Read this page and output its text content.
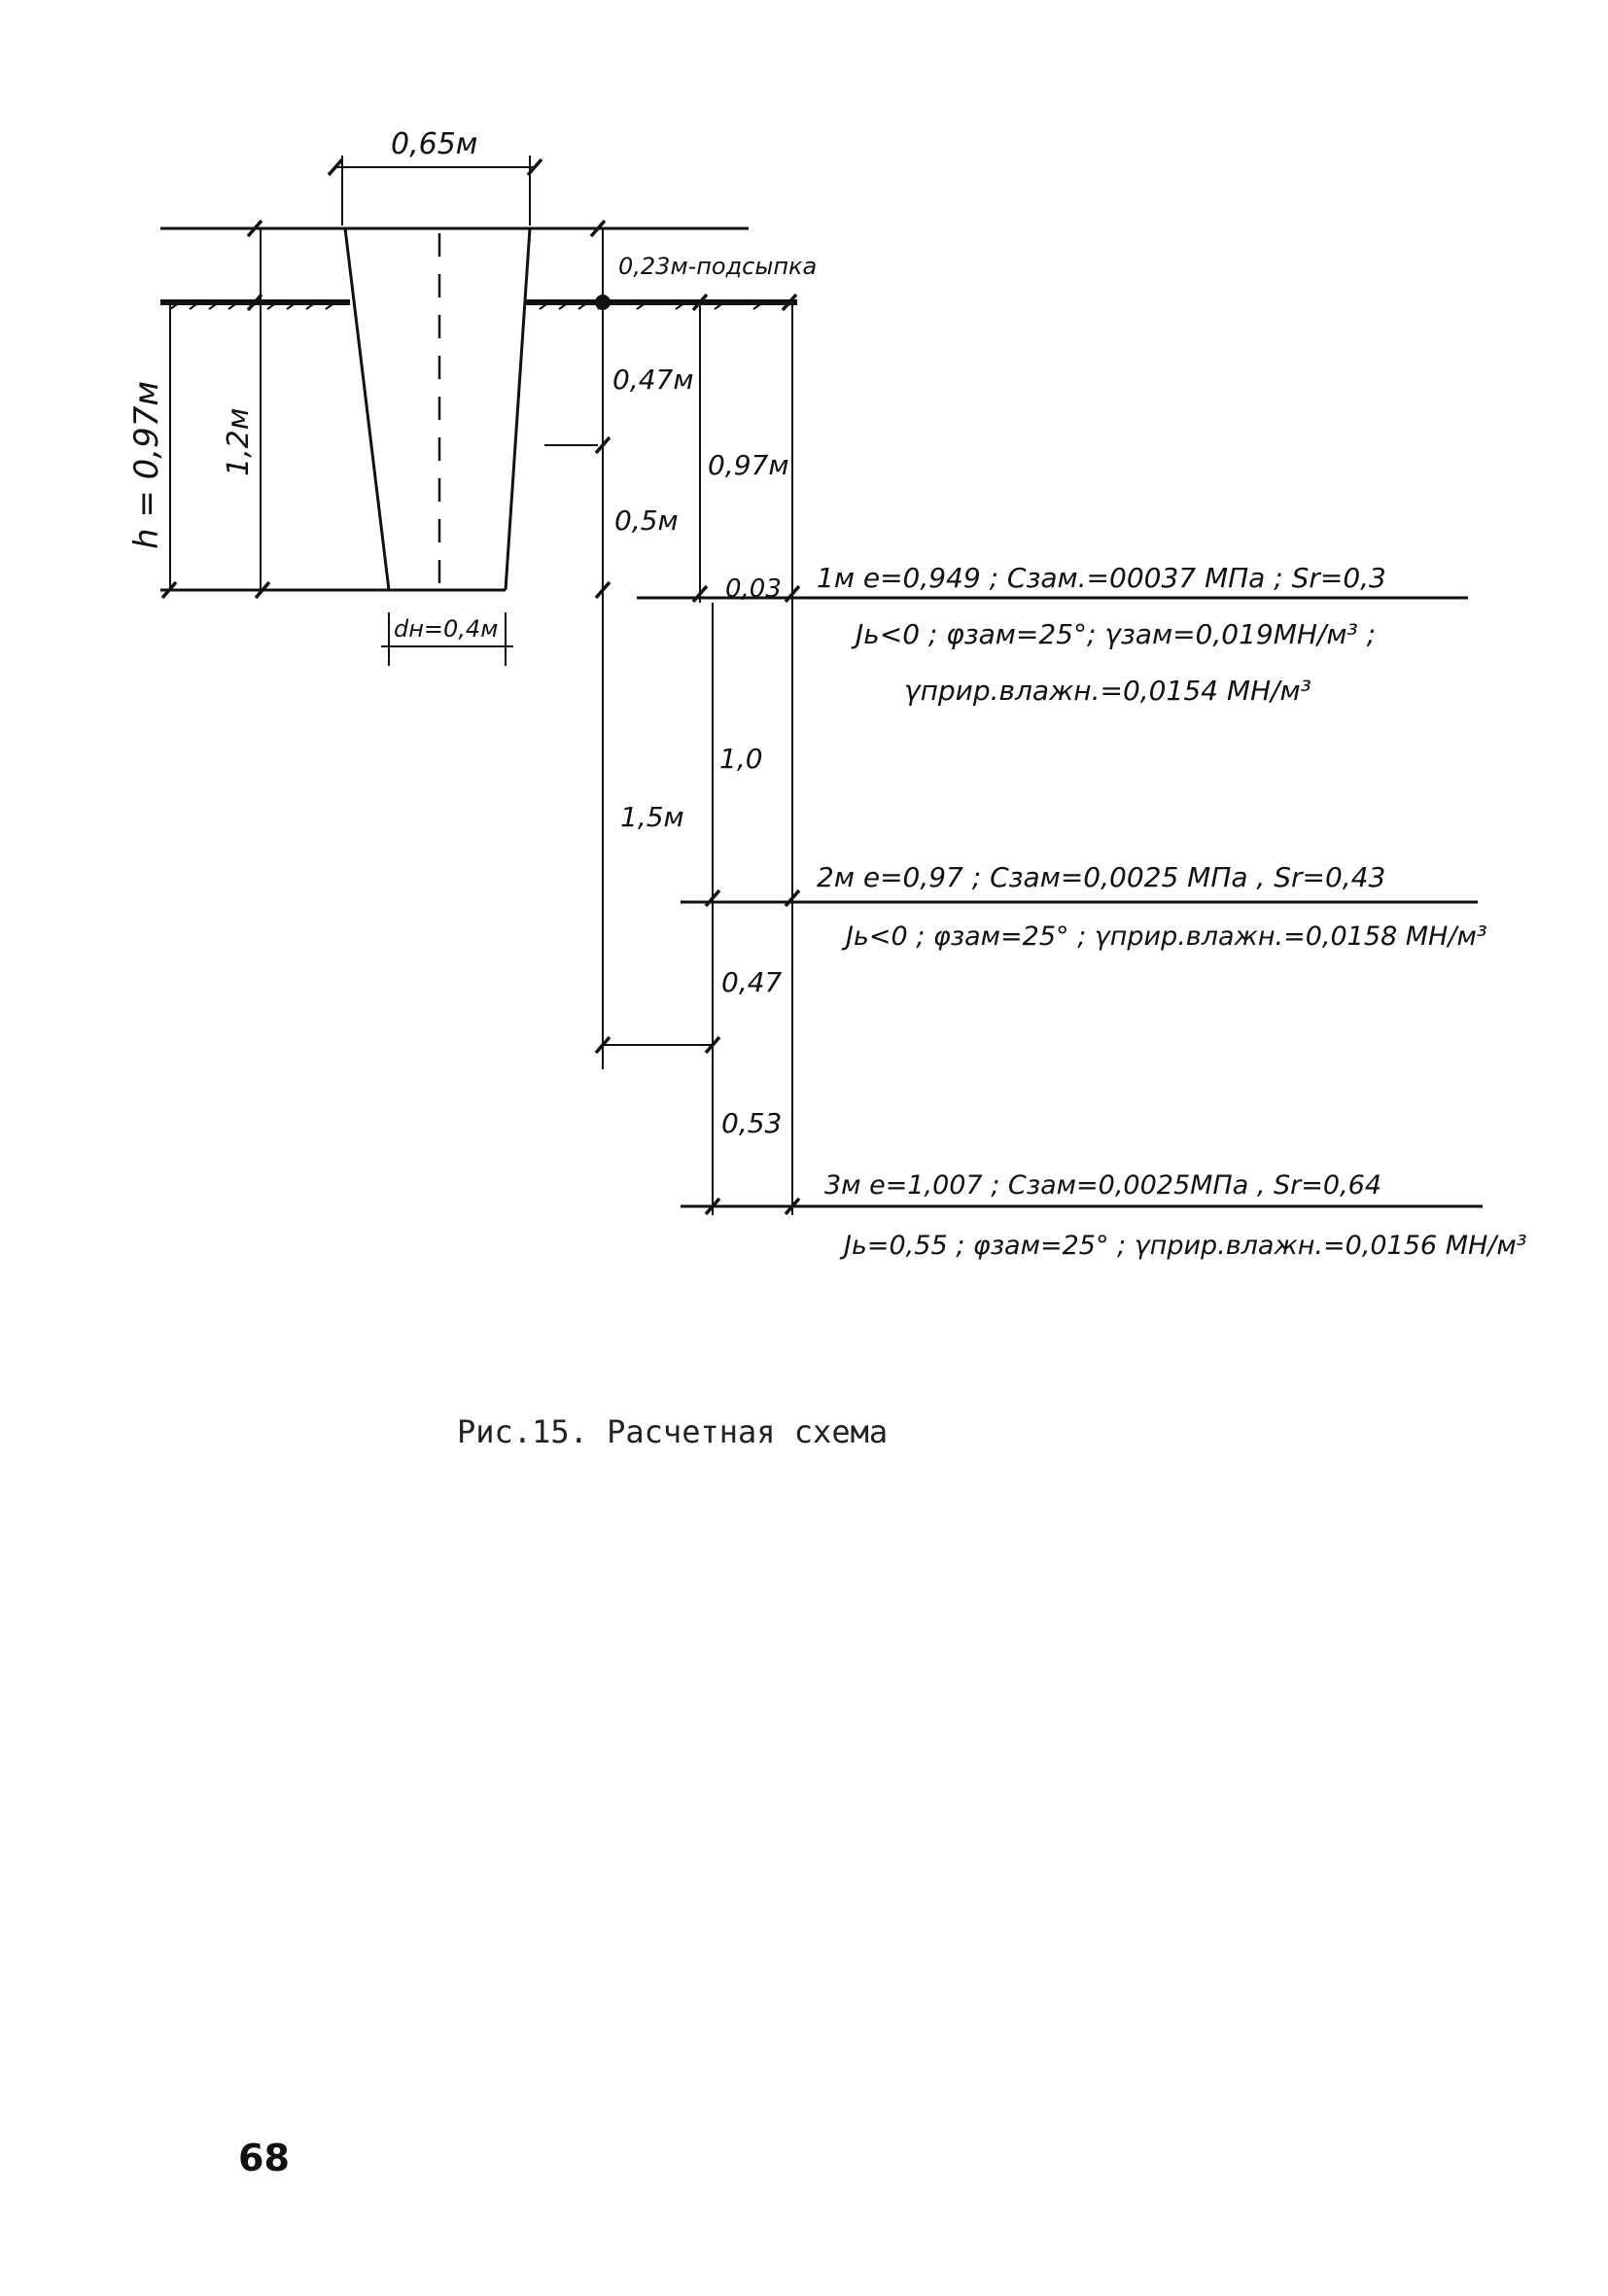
0,65м
0,23м-подсыпка
dн=0,4м
h = 0,97м 1,2м
0,47м
0,5м
1,5м
0,97м
0,03
1,0
0,47
0,53
1м е=0,949 ; Сзам.=00037 МПа ; Sr=0,3
Jь<0 ; φзам=25°; γзам=0,019МН/м³ ;
γприр.влажн.=0,0154 МН/м³
2м е=0,97 ; Сзам=0,0025 МПа , Sr=0,43
Jь<0 ; φзам=25° ; γприр.влажн.=0,0158 МН/м³
3м е=1,007 ; Сзам=0,0025МПа , Sr=0,64
Jь=0,55 ; φзам=25° ; γприр.влажн.=0,0156 МН/м³
Рис.15. Расчетная схема
68
